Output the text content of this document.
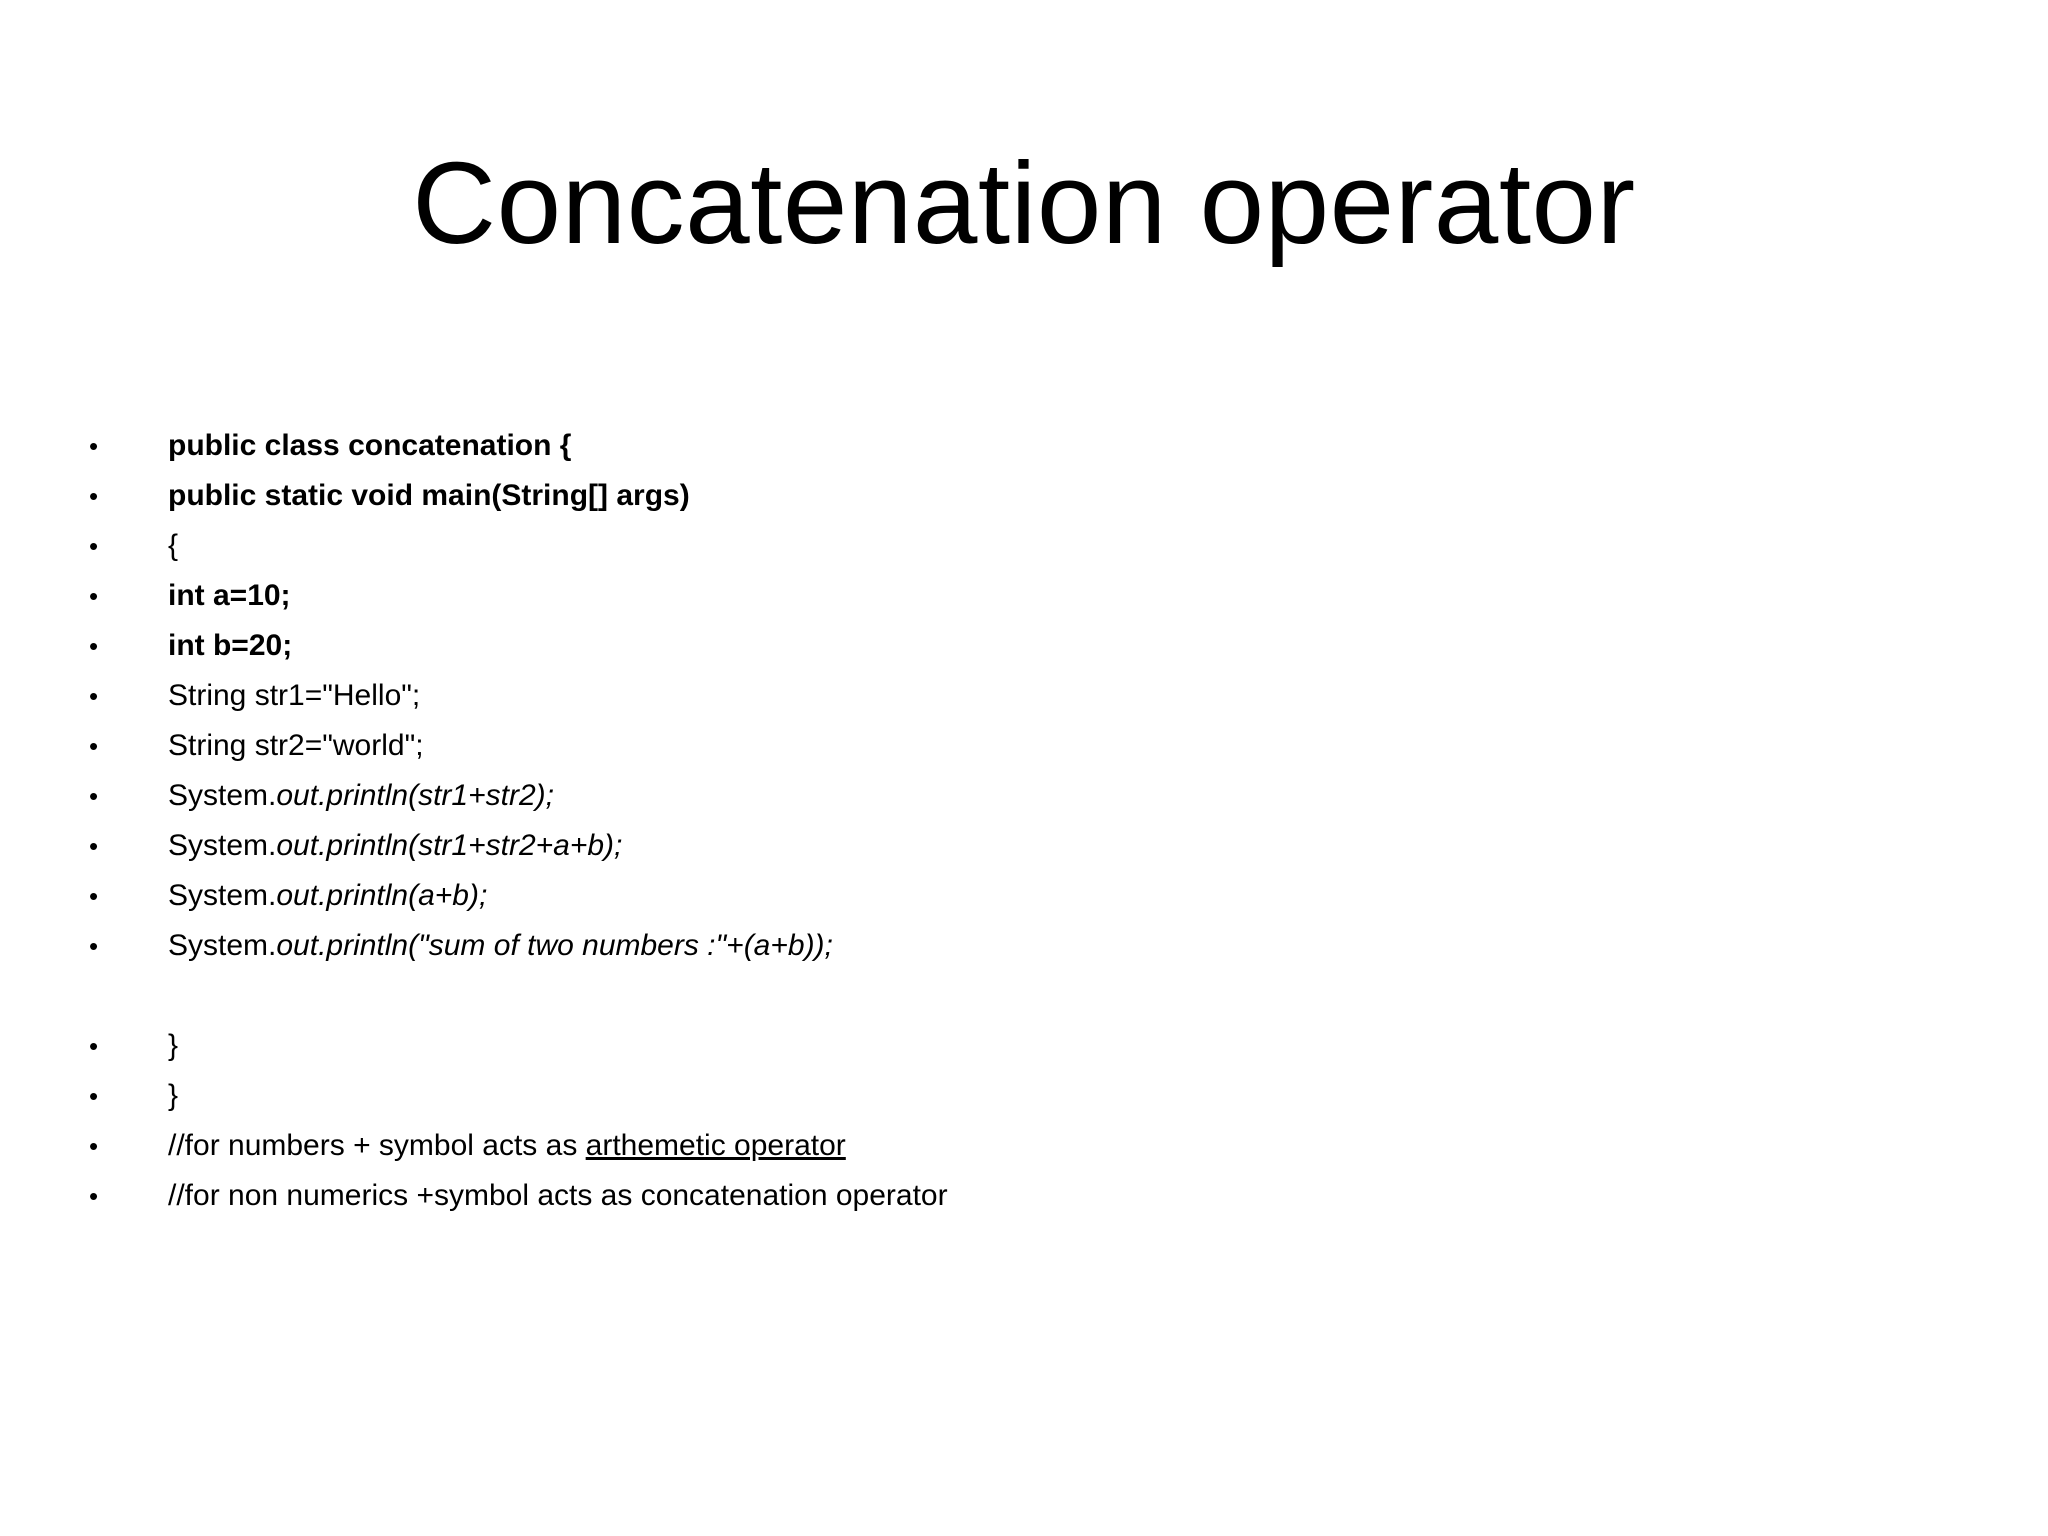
Concatenation operator
• public class concatenation {
• public static void main(String[] args)
• {
• int a=10;
• int b=20;
• String str1="Hello";
• String str2="world";
• System.out.println(str1+str2);
• System.out.println(str1+str2+a+b);
• System.out.println(a+b);
• System.out.println("sum of two numbers :"+(a+b));
• }
• }
• //for numbers + symbol acts as arthemetic operator
• //for non numerics +symbol acts as concatenation operator
